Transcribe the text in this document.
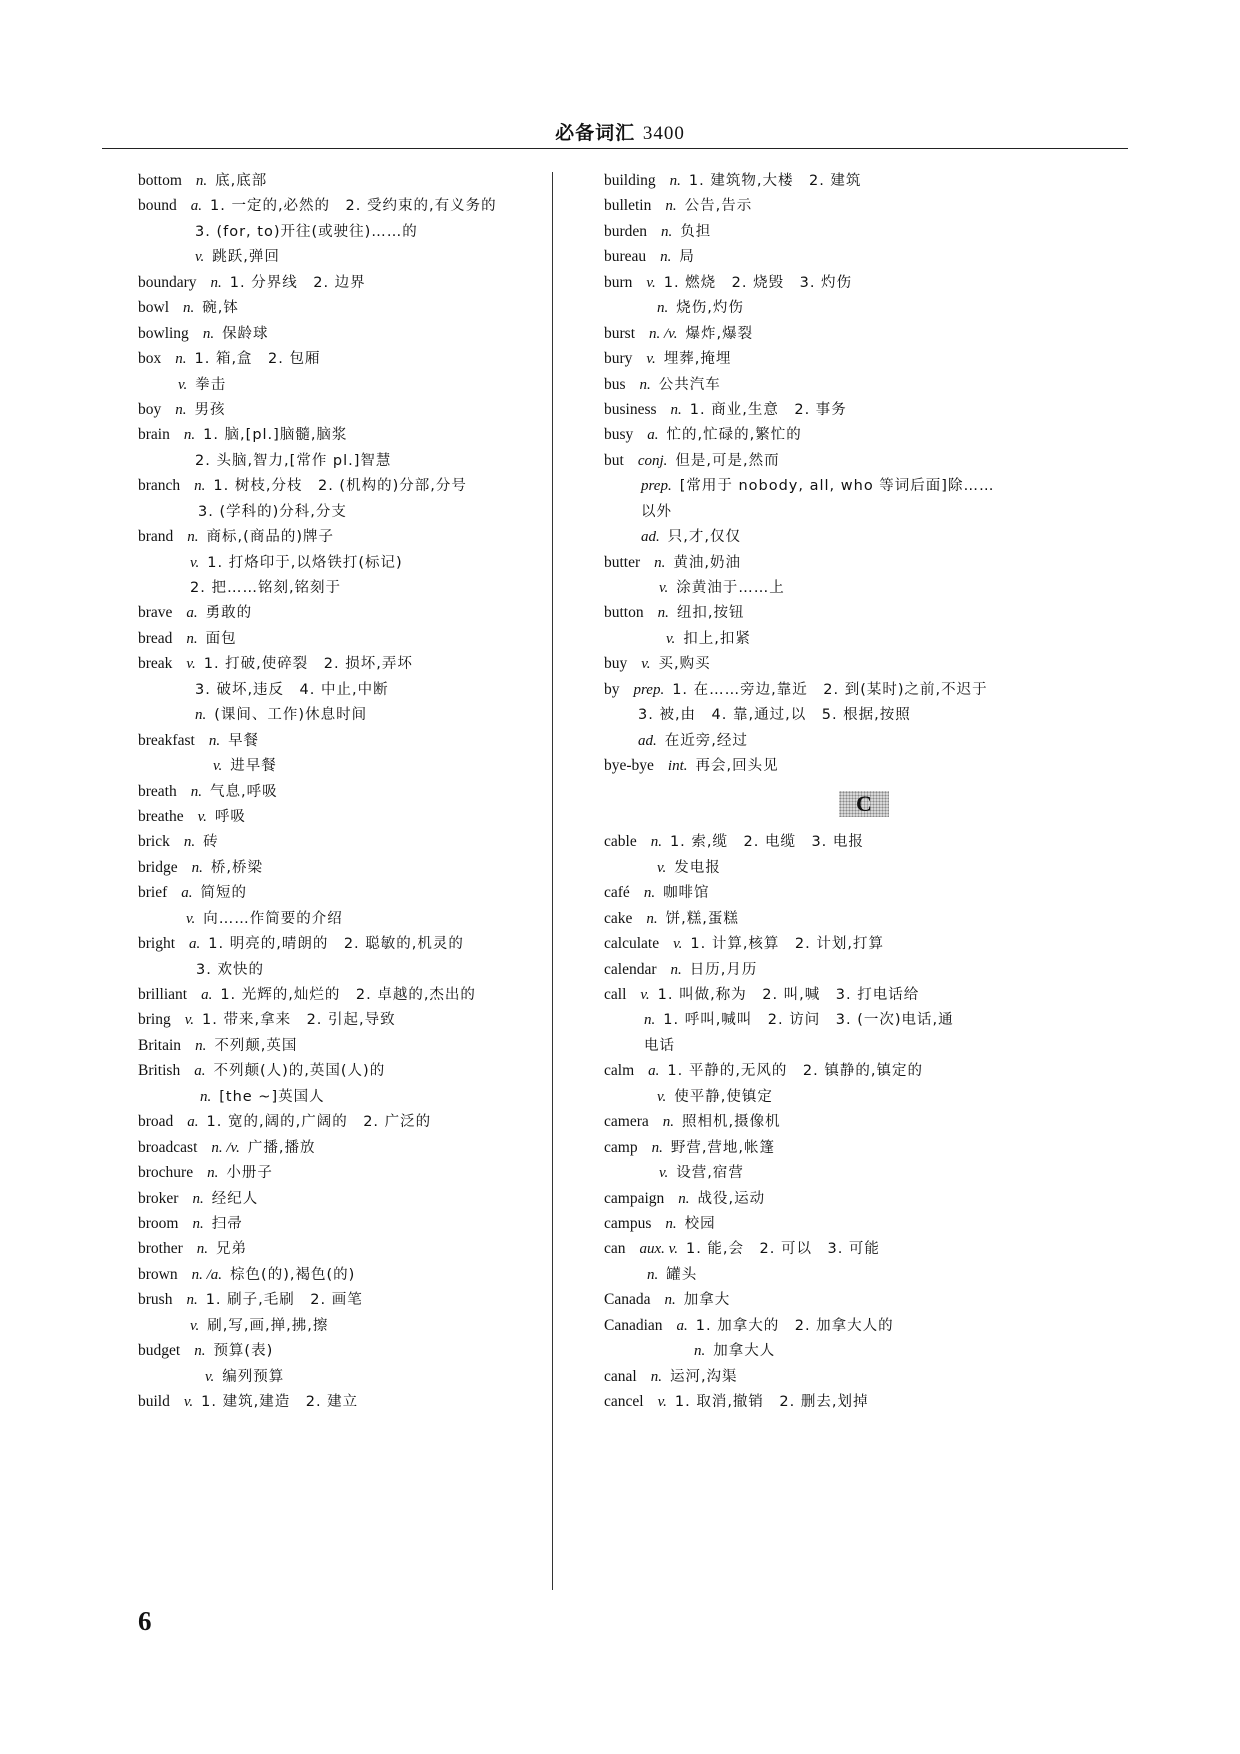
必备词汇 3400
bottom n. 底,底部
bound a. 1. 一定的,必然的　2. 受约束的,有义务的
3. (for, to)开往(或驶往)……的
v. 跳跃,弹回
boundary n. 1. 分界线　2. 边界
bowl n. 碗,钵
bowling n. 保龄球
box n. 1. 箱,盒　2. 包厢
v. 拳击
boy n. 男孩
brain n. 1. 脑,[pl.]脑髓,脑浆
2. 头脑,智力,[常作 pl.]智慧
branch n. 1. 树枝,分枝　2. (机构的)分部,分号
3. (学科的)分科,分支
brand n. 商标,(商品的)牌子
v. 1. 打烙印于,以烙铁打(标记)
2. 把……铭刻,铭刻于
brave a. 勇敢的
bread n. 面包
break v. 1. 打破,使碎裂　2. 损坏,弄坏
3. 破坏,违反　4. 中止,中断
n. (课间、工作)休息时间
breakfast n. 早餐
v. 进早餐
breath n. 气息,呼吸
breathe v. 呼吸
brick n. 砖
bridge n. 桥,桥梁
brief a. 简短的
v. 向……作简要的介绍
bright a. 1. 明亮的,晴朗的　2. 聪敏的,机灵的
3. 欢快的
brilliant a. 1. 光辉的,灿烂的　2. 卓越的,杰出的
bring v. 1. 带来,拿来　2. 引起,导致
Britain n. 不列颠,英国
British a. 不列颠(人)的,英国(人)的
n. [the ~]英国人
broad a. 1. 宽的,阔的,广阔的　2. 广泛的
broadcast n. /v. 广播,播放
brochure n. 小册子
broker n. 经纪人
broom n. 扫帚
brother n. 兄弟
brown n. /a. 棕色(的),褐色(的)
brush n. 1. 刷子,毛刷　2. 画笔
v. 刷,写,画,掸,拂,擦
budget n. 预算(表)
v. 编列预算
build v. 1. 建筑,建造　2. 建立
building n. 1. 建筑物,大楼　2. 建筑
bulletin n. 公告,告示
burden n. 负担
bureau n. 局
burn v. 1. 燃烧　2. 烧毁　3. 灼伤
n. 烧伤,灼伤
burst n. /v. 爆炸,爆裂
bury v. 埋葬,掩埋
bus n. 公共汽车
business n. 1. 商业,生意　2. 事务
busy a. 忙的,忙碌的,繁忙的
but conj. 但是,可是,然而
prep. [常用于 nobody, all, who 等词后面]除……
以外
ad. 只,才,仅仅
butter n. 黄油,奶油
v. 涂黄油于……上
button n. 纽扣,按钮
v. 扣上,扣紧
buy v. 买,购买
by prep. 1. 在……旁边,靠近　2. 到(某时)之前,不迟于
3. 被,由　4. 靠,通过,以　5. 根据,按照
ad. 在近旁,经过
bye-bye int. 再会,回头见
C
cable n. 1. 索,缆　2. 电缆　3. 电报
v. 发电报
café n. 咖啡馆
cake n. 饼,糕,蛋糕
calculate v. 1. 计算,核算　2. 计划,打算
calendar n. 日历,月历
call v. 1. 叫做,称为　2. 叫,喊　3. 打电话给
n. 1. 呼叫,喊叫　2. 访问　3. (一次)电话,通
电话
calm a. 1. 平静的,无风的　2. 镇静的,镇定的
v. 使平静,使镇定
camera n. 照相机,摄像机
camp n. 野营,营地,帐篷
v. 设营,宿营
campaign n. 战役,运动
campus n. 校园
can aux. v. 1. 能,会　2. 可以　3. 可能
n. 罐头
Canada n. 加拿大
Canadian a. 1. 加拿大的　2. 加拿大人的
n. 加拿大人
canal n. 运河,沟渠
cancel v. 1. 取消,撤销　2. 删去,划掉
6
